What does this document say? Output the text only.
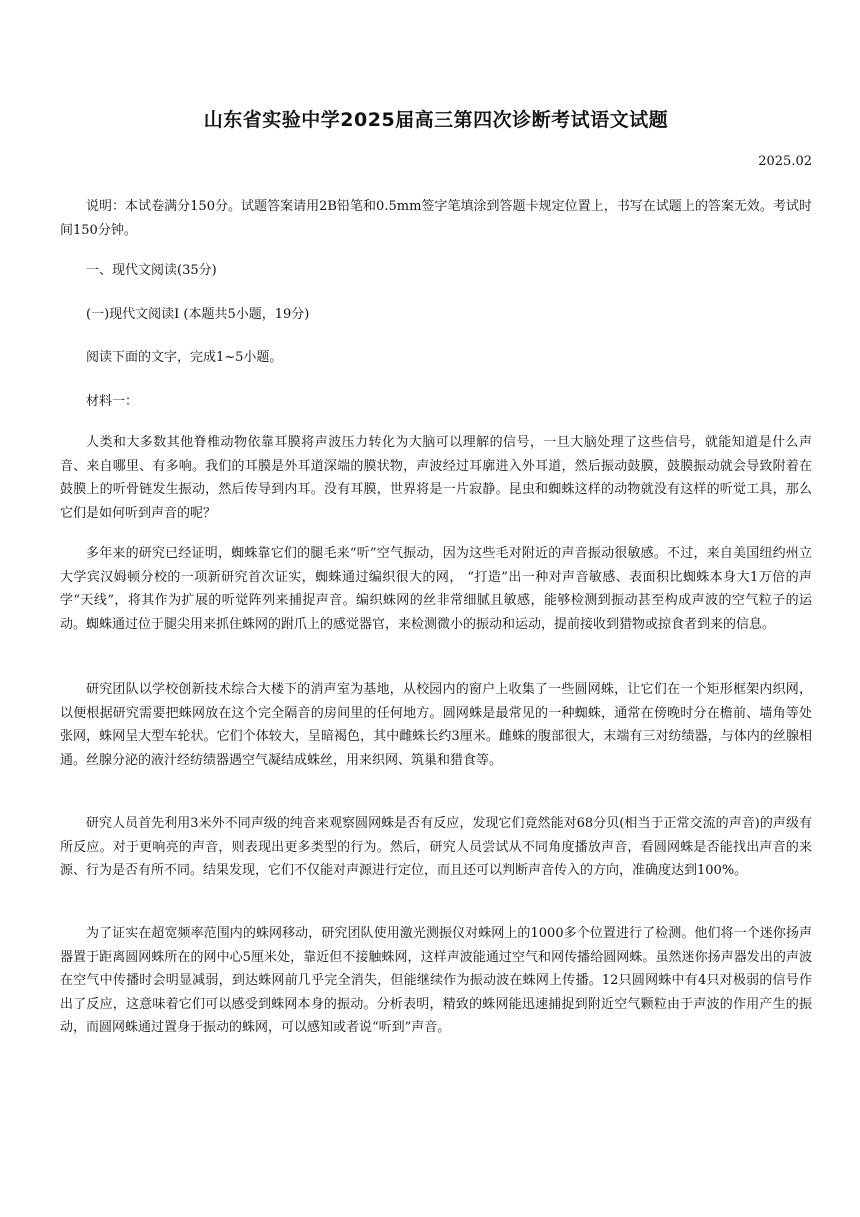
山东省实验中学2025届高三第四次诊断考试语文试题
2025.02

说明：本试卷满分150分。试题答案请用2B铅笔和0.5mm签字笔填涂到答题卡规定位置上，书写在试题上的答案无效。考试时间150分钟。

一、现代文阅读(35分)

(一)现代文阅读Ⅰ (本题共5小题，19分)

阅读下面的文字，完成1~5小题。

材料一：

人类和大多数其他脊椎动物依靠耳膜将声波压力转化为大脑可以理解的信号，一旦大脑处理了这些信号，就能知道是什么声音、来自哪里、有多响。我们的耳膜是外耳道深端的膜状物，声波经过耳廓进入外耳道，然后振动鼓膜，鼓膜振动就会导致附着在鼓膜上的听骨链发生振动，然后传导到内耳。没有耳膜，世界将是一片寂静。昆虫和蜘蛛这样的动物就没有这样的听觉工具，那么它们是如何听到声音的呢？

多年来的研究已经证明，蜘蛛靠它们的腿毛来“听”空气振动，因为这些毛对附近的声音振动很敏感。不过，来自美国纽约州立大学宾汉姆顿分校的一项新研究首次证实，蜘蛛通过编织很大的网， “打造”出一种对声音敏感、表面积比蜘蛛本身大1万倍的声学“天线”，将其作为扩展的听觉阵列来捕捉声音。编织蛛网的丝非常细腻且敏感，能够检测到振动甚至构成声波的空气粒子的运动。蜘蛛通过位于腿尖用来抓住蛛网的跗爪上的感觉器官，来检测微小的振动和运动，提前接收到猎物或掠食者到来的信息。

研究团队以学校创新技术综合大楼下的消声室为基地，从校园内的窗户上收集了一些圆网蛛，让它们在一个矩形框架内织网，以便根据研究需要把蛛网放在这个完全隔音的房间里的任何地方。圆网蛛是最常见的一种蜘蛛，通常在傍晚时分在檐前、墙角等处张网，蛛网呈大型车轮状。它们个体较大，呈暗褐色，其中雌蛛长约3厘米。雌蛛的腹部很大，末端有三对纺绩器，与体内的丝腺相通。丝腺分泌的液汁经纺绩器遇空气凝结成蛛丝，用来织网、筑巢和猎食等。

研究人员首先利用3米外不同声级的纯音来观察圆网蛛是否有反应，发现它们竟然能对68分贝(相当于正常交流的声音)的声级有所反应。对于更响亮的声音，则表现出更多类型的行为。然后，研究人员尝试从不同角度播放声音，看圆网蛛是否能找出声音的来源、行为是否有所不同。结果发现，它们不仅能对声源进行定位，而且还可以判断声音传入的方向，准确度达到100%。

为了证实在超宽频率范围内的蛛网移动，研究团队使用激光测振仪对蛛网上的1000多个位置进行了检测。他们将一个迷你扬声器置于距离圆网蛛所在的网中心5厘米处，靠近但不接触蛛网，这样声波能通过空气和网传播给圆网蛛。虽然迷你扬声器发出的声波在空气中传播时会明显减弱，到达蛛网前几乎完全消失，但能继续作为振动波在蛛网上传播。12只圆网蛛中有4只对极弱的信号作出了反应，这意味着它们可以感受到蛛网本身的振动。分析表明，精致的蛛网能迅速捕捉到附近空气颗粒由于声波的作用产生的振动，而圆网蛛通过置身于振动的蛛网，可以感知或者说“听到”声音。
